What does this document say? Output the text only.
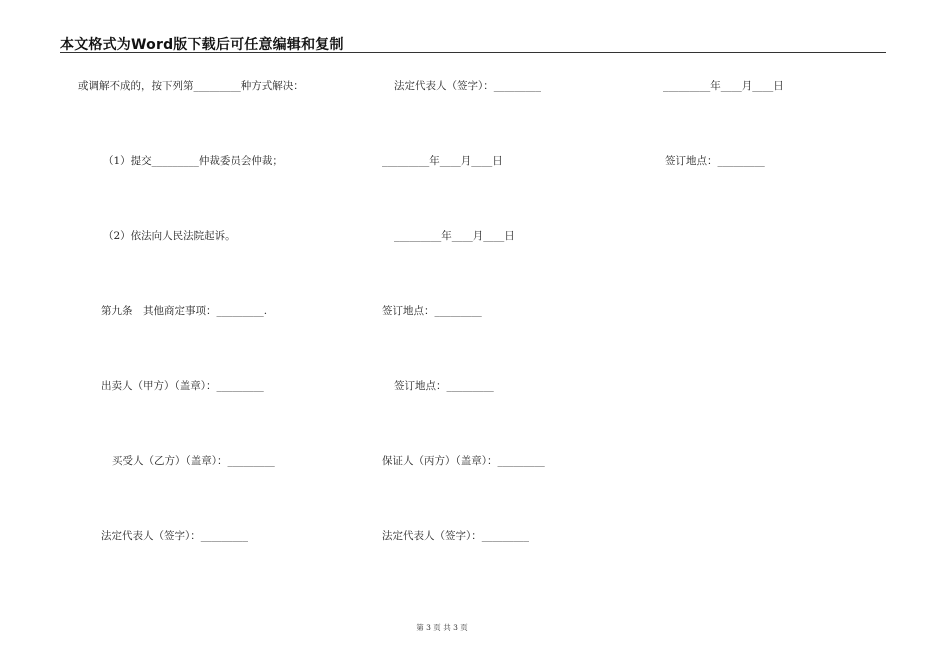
本文格式为Word版下载后可任意编辑和复制
或调解不成的，按下列第_________种方式解决：	法定代表人（签字）：_________	_________年____月____日
（1）提交_________仲裁委员会仲裁；	_________年____月____日	签订地点：_________
（2）依法向人民法院起诉。	_________年____月____日
第九条　其他商定事项：_________.	签订地点：_________
出卖人（甲方）（盖章）：_________	签订地点：_________
买受人（乙方）（盖章）：_________	保证人（丙方）（盖章）：_________
法定代表人（签字）：_________	法定代表人（签字）：_________
第 3 页 共 3 页
